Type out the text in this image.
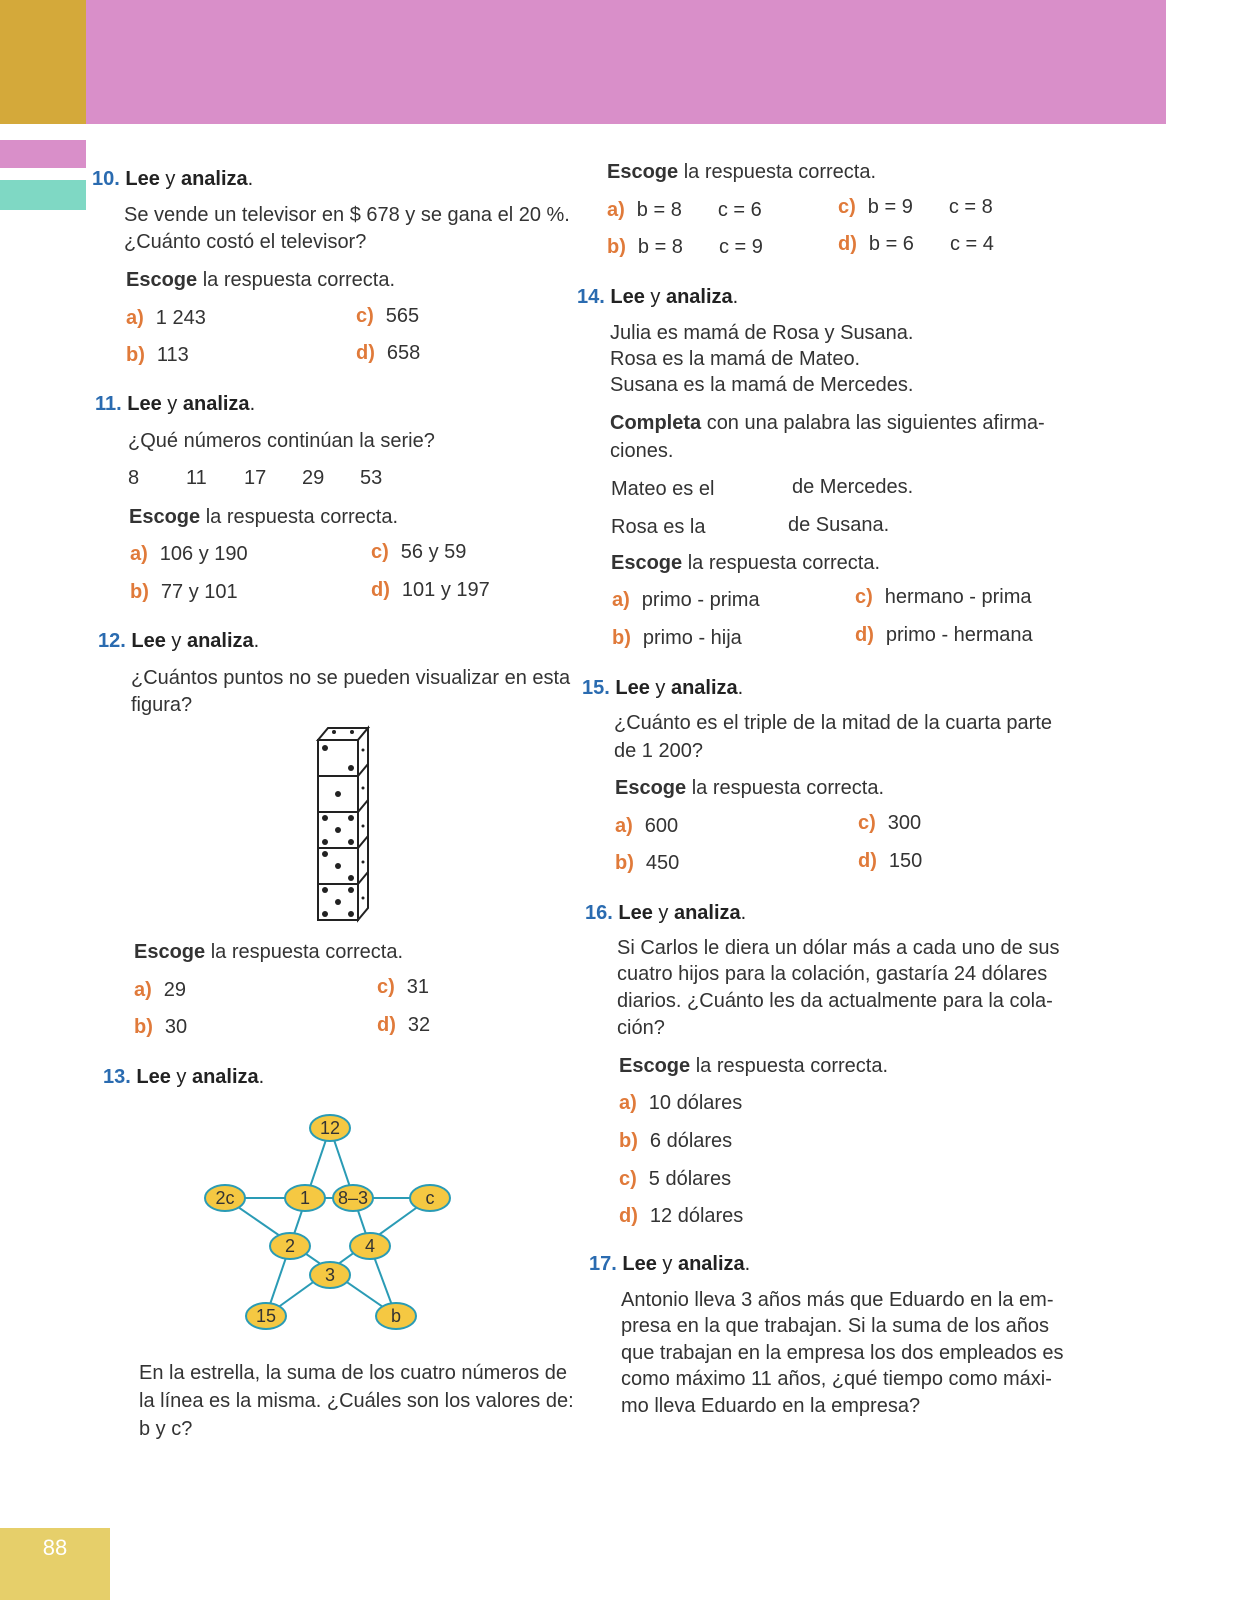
10. Lee y analiza.
Se vende un televisor en $ 678 y se gana el 20 %.
¿Cuánto costó el televisor?
Escoge la respuesta correcta.
a) 1 243
b) 113
c) 565
d) 658
11. Lee y analiza.
¿Qué números continúan la serie?
8 11 17 29 53
Escoge la respuesta correcta.
a) 106 y 190
b) 77 y 101
c) 56 y 59
d) 101 y 197
12. Lee y analiza.
¿Cuántos puntos no se pueden visualizar en esta
figura?
Escoge la respuesta correcta.
a) 29
b) 30
c) 31
d) 32
13. Lee y analiza.
12
2c	1 8–3	c
2	4
3
15	b
En la estrella, la suma de los cuatro números de
la línea es la misma. ¿Cuáles son los valores de:
b y c?
Escoge la respuesta correcta.
a) b = 8 c = 6
b) b = 8 c = 9
c) b = 9 c = 8
d) b = 6 c = 4
14. Lee y analiza.
Julia es mamá de Rosa y Susana.
Rosa es la mamá de Mateo.
Susana es la mamá de Mercedes.
Completa con una palabra las siguientes afirma-
ciones.
Mateo es el	de Mercedes.
Rosa es la	de Susana.
Escoge la respuesta correcta.
a) primo - prima
b) primo - hija
c) hermano - prima
d) primo - hermana
15. Lee y analiza.
¿Cuánto es el triple de la mitad de la cuarta parte
de 1 200?
Escoge la respuesta correcta.
a) 600
b) 450
c) 300
d) 150
16. Lee y analiza.
Si Carlos le diera un dólar más a cada uno de sus
cuatro hijos para la colación, gastaría 24 dólares
diarios. ¿Cuánto les da actualmente para la cola-
ción?
Escoge la respuesta correcta.
a) 10 dólares
b) 6 dólares
c) 5 dólares
d) 12 dólares
17. Lee y analiza.
Antonio lleva 3 años más que Eduardo en la em-
presa en la que trabajan. Si la suma de los años
que trabajan en la empresa los dos empleados es
como máximo 11 años, ¿qué tiempo como máxi-
mo lleva Eduardo en la empresa?
88
